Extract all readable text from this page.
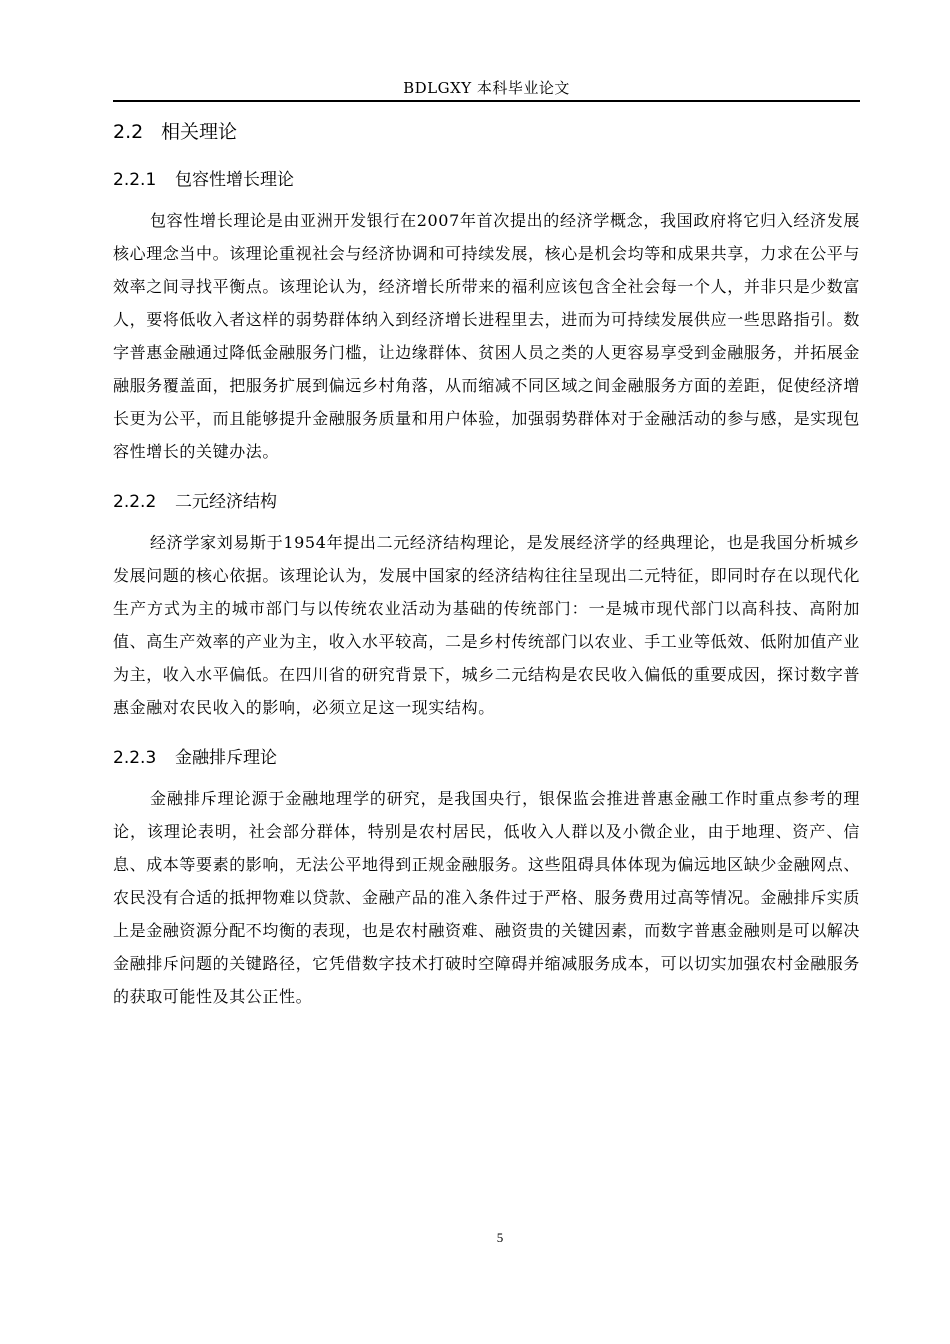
BDLGXY 本科毕业论文
2.2 相关理论
2.2.1 包容性增长理论

包容性增长理论是由亚洲开发银行在2007年首次提出的经济学概念，我国政府将它归入经济发展核心理念当中。该理论重视社会与经济协调和可持续发展，核心是机会均等和成果共享，力求在公平与效率之间寻找平衡点。该理论认为，经济增长所带来的福利应该包含全社会每一个人，并非只是少数富人，要将低收入者这样的弱势群体纳入到经济增长进程里去，进而为可持续发展供应一些思路指引。数字普惠金融通过降低金融服务门槛，让边缘群体、贫困人员之类的人更容易享受到金融服务，并拓展金融服务覆盖面，把服务扩展到偏远乡村角落，从而缩减不同区域之间金融服务方面的差距，促使经济增长更为公平，而且能够提升金融服务质量和用户体验，加强弱势群体对于金融活动的参与感，是实现包容性增长的关键办法。

2.2.2 二元经济结构

经济学家刘易斯于1954年提出二元经济结构理论，是发展经济学的经典理论，也是我国分析城乡发展问题的核心依据。该理论认为，发展中国家的经济结构往往呈现出二元特征，即同时存在以现代化生产方式为主的城市部门与以传统农业活动为基础的传统部门：一是城市现代部门以高科技、高附加值、高生产效率的产业为主，收入水平较高，二是乡村传统部门以农业、手工业等低效、低附加值产业为主，收入水平偏低。在四川省的研究背景下，城乡二元结构是农民收入偏低的重要成因，探讨数字普惠金融对农民收入的影响，必须立足这一现实结构。

2.2.3 金融排斥理论

金融排斥理论源于金融地理学的研究，是我国央行，银保监会推进普惠金融工作时重点参考的理论，该理论表明，社会部分群体，特别是农村居民，低收入人群以及小微企业，由于地理、资产、信息、成本等要素的影响，无法公平地得到正规金融服务。这些阻碍具体体现为偏远地区缺少金融网点、农民没有合适的抵押物难以贷款、金融产品的准入条件过于严格、服务费用过高等情况。金融排斥实质上是金融资源分配不均衡的表现，也是农村融资难、融资贵的关键因素，而数字普惠金融则是可以解决金融排斥问题的关键路径，它凭借数字技术打破时空障碍并缩减服务成本，可以切实加强农村金融服务的获取可能性及其公正性。

5
